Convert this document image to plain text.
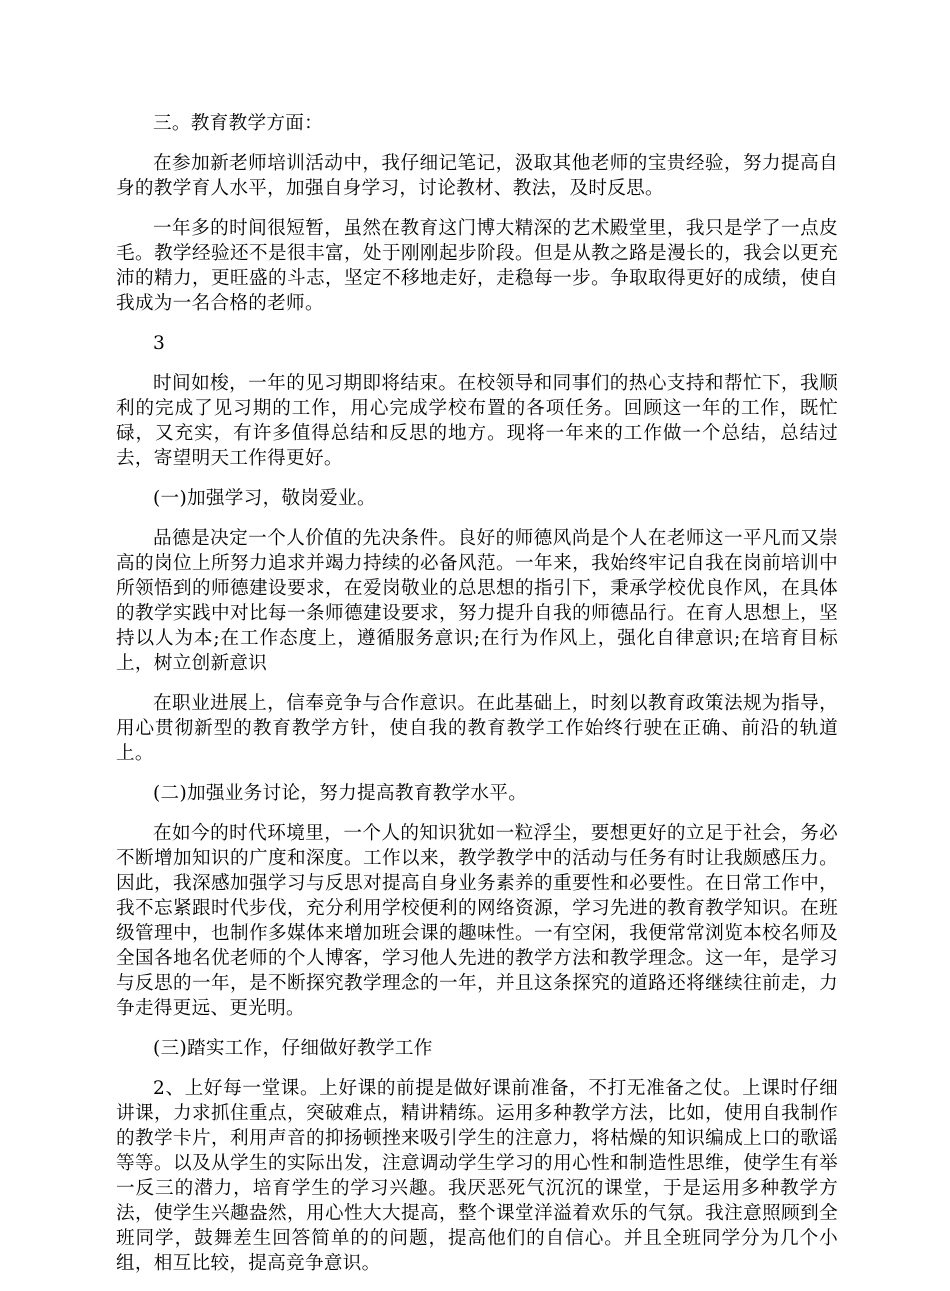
三。教育教学方面：

在参加新老师培训活动中，我仔细记笔记，汲取其他老师的宝贵经验，努力提高自身的教学育人水平，加强自身学习，讨论教材、教法，及时反思。

一年多的时间很短暂，虽然在教育这门博大精深的艺术殿堂里，我只是学了一点皮毛。教学经验还不是很丰富，处于刚刚起步阶段。但是从教之路是漫长的，我会以更充沛的精力，更旺盛的斗志，坚定不移地走好，走稳每一步。争取取得更好的成绩，使自我成为一名合格的老师。

3

时间如梭，一年的见习期即将结束。在校领导和同事们的热心支持和帮忙下，我顺利的完成了见习期的工作，用心完成学校布置的各项任务。回顾这一年的工作，既忙碌，又充实，有许多值得总结和反思的地方。现将一年来的工作做一个总结，总结过去，寄望明天工作得更好。

(一)加强学习，敬岗爱业。

品德是决定一个人价值的先决条件。良好的师德风尚是个人在老师这一平凡而又崇高的岗位上所努力追求并竭力持续的必备风范。一年来，我始终牢记自我在岗前培训中所领悟到的师德建设要求，在爱岗敬业的总思想的指引下，秉承学校优良作风，在具体的教学实践中对比每一条师德建设要求，努力提升自我的师德品行。在育人思想上，坚持以人为本;在工作态度上，遵循服务意识;在行为作风上，强化自律意识;在培育目标上，树立创新意识

在职业进展上，信奉竞争与合作意识。在此基础上，时刻以教育政策法规为指导，用心贯彻新型的教育教学方针，使自我的教育教学工作始终行驶在正确、前沿的轨道上。

(二)加强业务讨论，努力提高教育教学水平。

在如今的时代环境里，一个人的知识犹如一粒浮尘，要想更好的立足于社会，务必不断增加知识的广度和深度。工作以来，教学教学中的活动与任务有时让我颇感压力。因此，我深感加强学习与反思对提高自身业务素养的重要性和必要性。在日常工作中，我不忘紧跟时代步伐，充分利用学校便利的网络资源，学习先进的教育教学知识。在班级管理中，也制作多媒体来增加班会课的趣味性。一有空闲，我便常常浏览本校名师及全国各地名优老师的个人博客，学习他人先进的教学方法和教学理念。这一年，是学习与反思的一年，是不断探究教学理念的一年，并且这条探究的道路还将继续往前走，力争走得更远、更光明。

(三)踏实工作，仔细做好教学工作

2、上好每一堂课。上好课的前提是做好课前准备，不打无准备之仗。上课时仔细讲课，力求抓住重点，突破难点，精讲精练。运用多种教学方法，比如，使用自我制作的教学卡片，利用声音的抑扬顿挫来吸引学生的注意力，将枯燥的知识编成上口的歌谣等等。以及从学生的实际出发，注意调动学生学习的用心性和制造性思维，使学生有举一反三的潜力，培育学生的学习兴趣。我厌恶死气沉沉的课堂，于是运用多种教学方法，使学生兴趣盎然，用心性大大提高，整个课堂洋溢着欢乐的气氛。我注意照顾到全班同学，鼓舞差生回答简单的的问题，提高他们的自信心。并且全班同学分为几个小组，相互比较，提高竞争意识。
